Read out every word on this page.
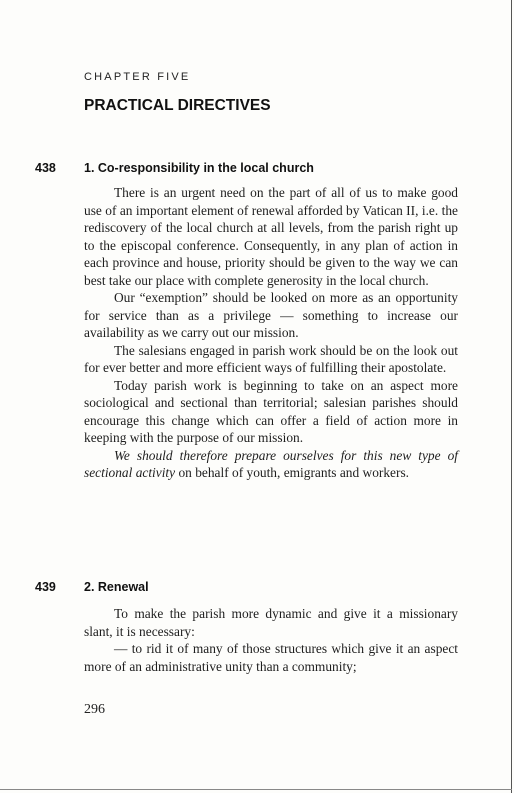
CHAPTER FIVE
PRACTICAL DIRECTIVES
438 1. Co-responsibility in the local church

There is an urgent need on the part of all of us to make good use of an important element of renewal afforded by Vatican II, i.e. the rediscovery of the local church at all levels, from the parish right up to the episcopal conference. Consequently, in any plan of action in each province and house, priority should be given to the way we can best take our place with complete generosity in the local church.

Our “exemption” should be looked on more as an opportunity for service than as a privilege — something to increase our availability as we carry out our mission.

The salesians engaged in parish work should be on the look out for ever better and more efficient ways of fulfilling their apostolate.

Today parish work is beginning to take on an aspect more sociological and sectional than territorial; salesian parishes should encourage this change which can offer a field of action more in keeping with the purpose of our mission.

We should therefore prepare ourselves for this new type of sectional activity on behalf of youth, emigrants and workers.

439 2. Renewal

To make the parish more dynamic and give it a missionary slant, it is necessary:

— to rid it of many of those structures which give it an aspect more of an administrative unity than a community;

296
